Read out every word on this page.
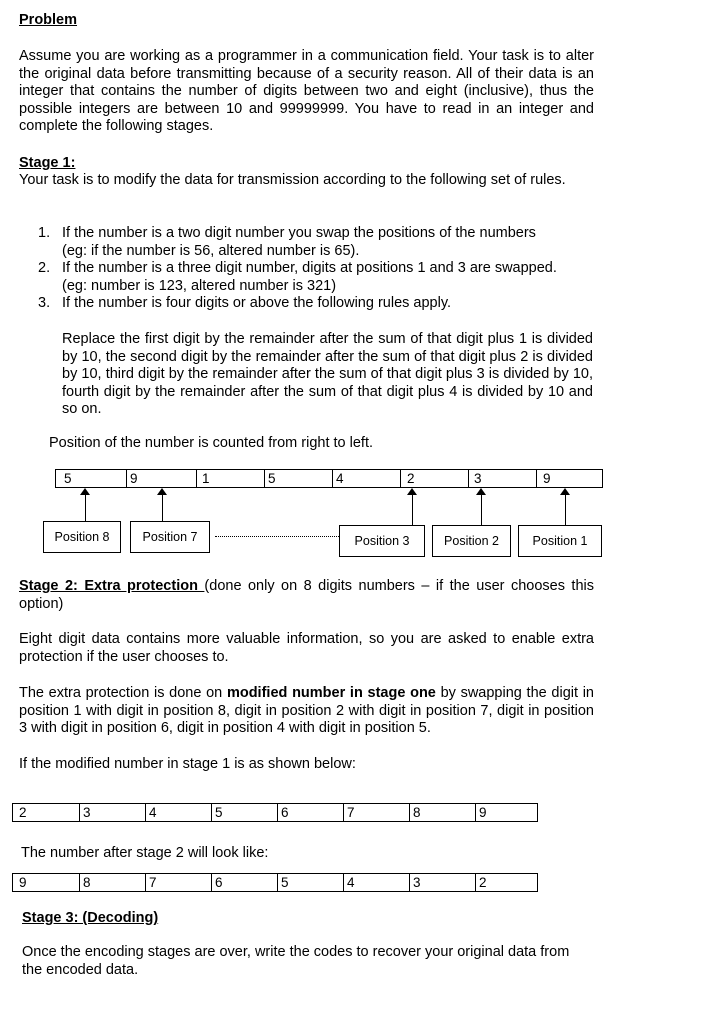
Problem
Assume you are working as a programmer in a communication field. Your task is to alter the original data before transmitting because of a security reason. All of their data is an integer that contains the number of digits between two and eight (inclusive), thus the possible integers are between 10 and 99999999. You have to read in an integer and complete the following stages.
Stage 1:
Your task is to modify the data for transmission according to the following set of rules.
1. If the number is a two digit number you swap the positions of the numbers
(eg: if the number is 56, altered number is 65).
2. If the number is a three digit number, digits at positions 1 and 3 are swapped.
(eg: number is 123, altered number is 321)
3. If the number is four digits or above the following rules apply.
Replace the first digit by the remainder after the sum of that digit plus 1 is divided by 10, the second digit by the remainder after the sum of that digit plus 2 is divided by 10, third digit by the remainder after the sum of that digit plus 3 is divided by 10, fourth digit by the remainder after the sum of that digit plus 4 is divided by 10 and so on.
Position of the number is counted from right to left.
5	9	1	5	4	2	3	9
Position 8	Position 7	Position 3	Position 2	Position 1
Stage 2: Extra protection (done only on 8 digits numbers – if the user chooses this option)
Eight digit data contains more valuable information, so you are asked to enable extra protection if the user chooses to.
The extra protection is done on modified number in stage one by swapping the digit in position 1 with digit in position 8, digit in position 2 with digit in position 7, digit in position 3 with digit in position 6, digit in position 4 with digit in position 5.
If the modified number in stage 1 is as shown below:
2	3	4	5	6	7	8	9
The number after stage 2 will look like:
9	8	7	6	5	4	3	2
Stage 3: (Decoding)
Once the encoding stages are over, write the codes to recover your original data from the encoded data.
